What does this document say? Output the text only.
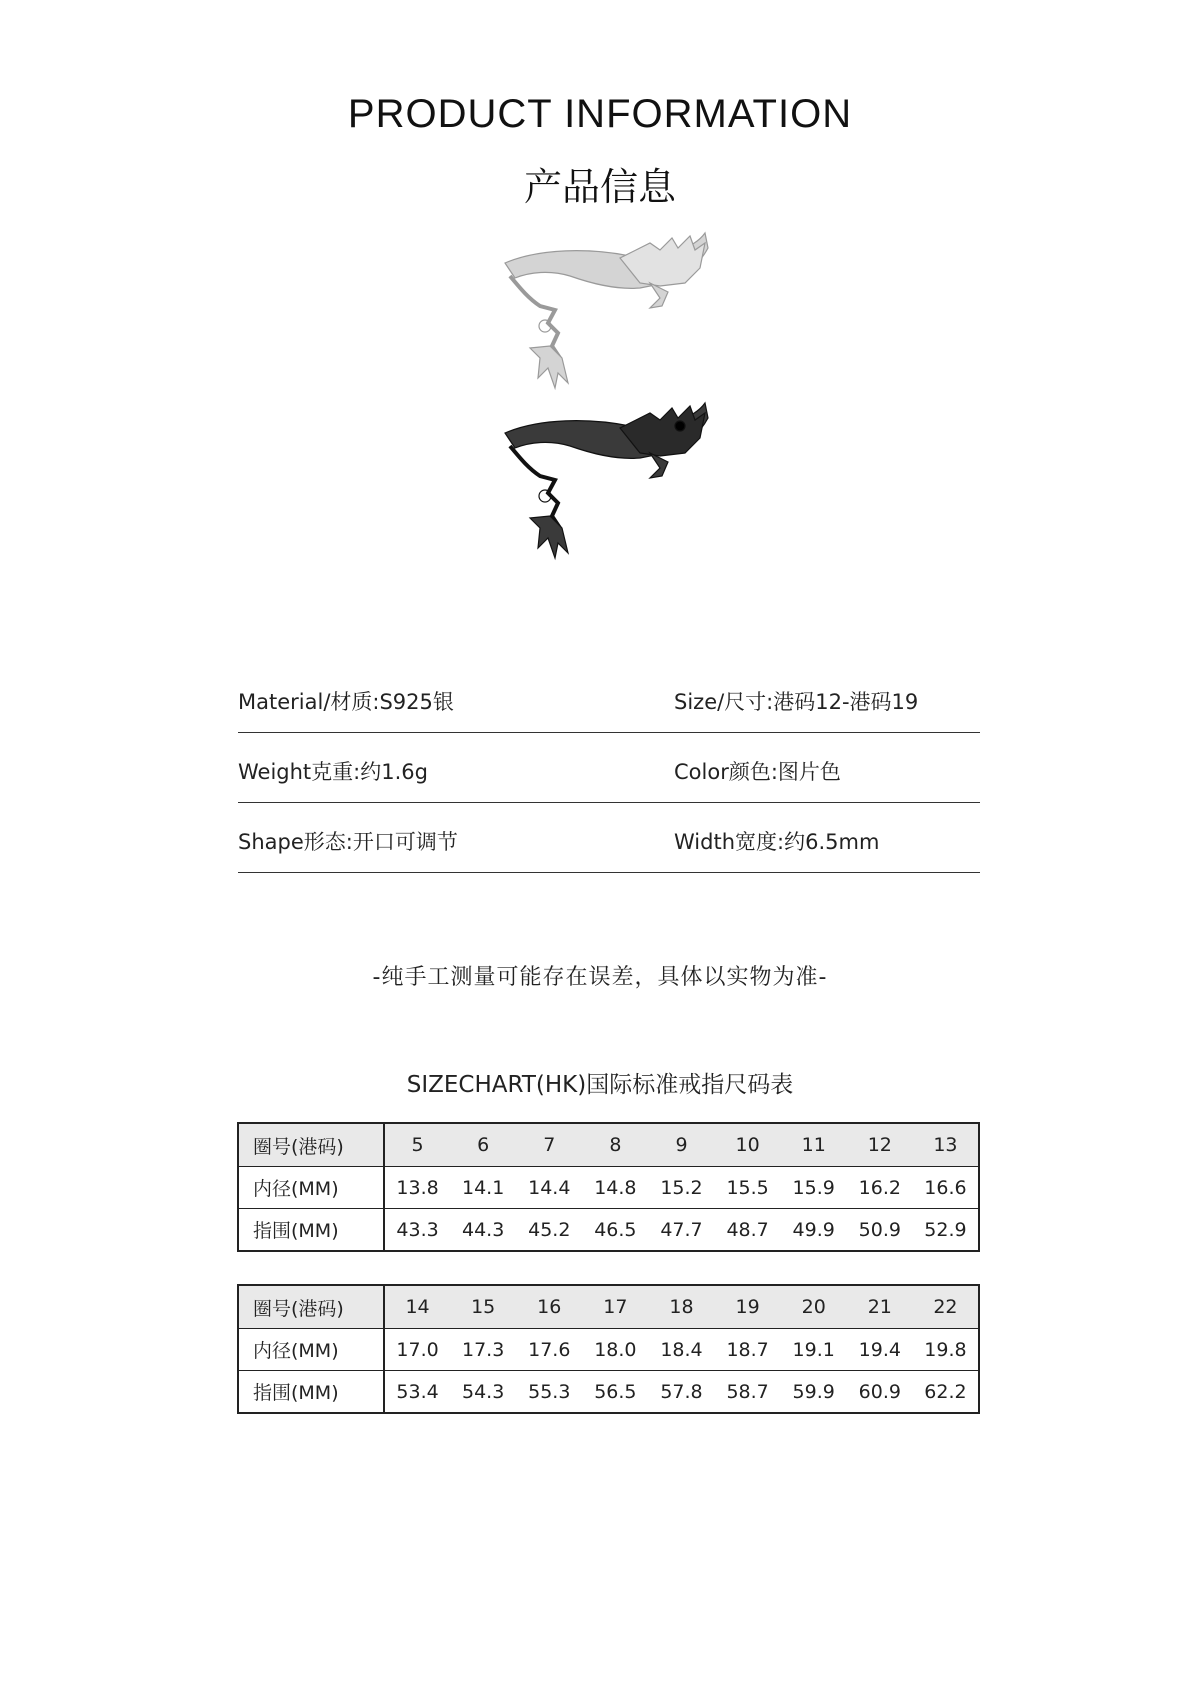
PRODUCT INFORMATION
产品信息
Material/材质:S925银	Size/尺寸:港码12-港码19
Weight克重:约1.6g	Color颜色:图片色
Shape形态:开口可调节	Width宽度:约6.5mm
-纯手工测量可能存在误差，具体以实物为准-
SIZECHART(HK)国际标准戒指尺码表
圈号(港码)	5	6	7	8	9	10	11	12	13
内径(MM)	13.8	14.1	14.4	14.8	15.2	15.5	15.9	16.2	16.6
指围(MM)	43.3	44.3	45.2	46.5	47.7	48.7	49.9	50.9	52.9
圈号(港码)	14	15	16	17	18	19	20	21	22
内径(MM)	17.0	17.3	17.6	18.0	18.4	18.7	19.1	19.4	19.8
指围(MM)	53.4	54.3	55.3	56.5	57.8	58.7	59.9	60.9	62.2
